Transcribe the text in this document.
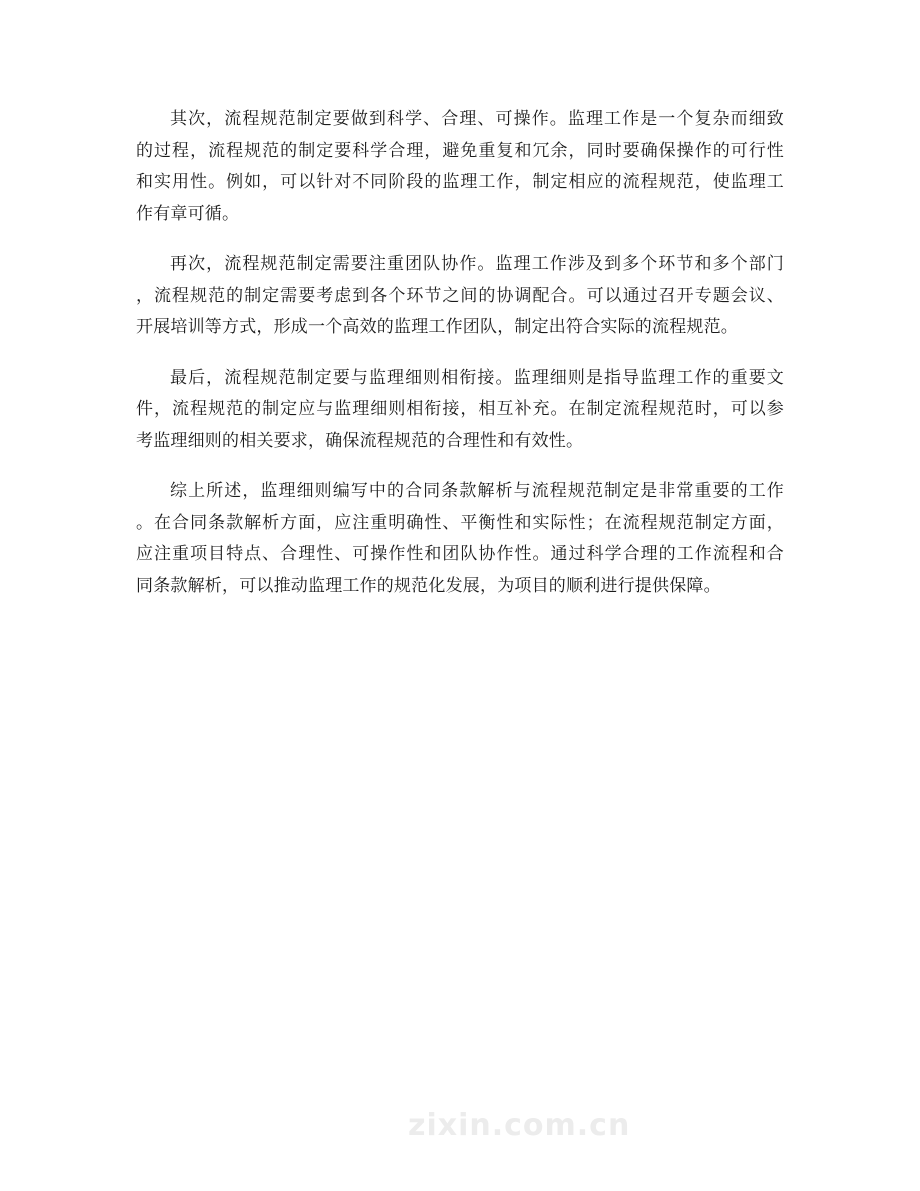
其次，流程规范制定要做到科学、合理、可操作。监理工作是一个复杂而细致
的过程，流程规范的制定要科学合理，避免重复和冗余，同时要确保操作的可行性
和实用性。例如，可以针对不同阶段的监理工作，制定相应的流程规范，使监理工
作有章可循。

再次，流程规范制定需要注重团队协作。监理工作涉及到多个环节和多个部门
，流程规范的制定需要考虑到各个环节之间的协调配合。可以通过召开专题会议、
开展培训等方式，形成一个高效的监理工作团队，制定出符合实际的流程规范。

最后，流程规范制定要与监理细则相衔接。监理细则是指导监理工作的重要文
件，流程规范的制定应与监理细则相衔接，相互补充。在制定流程规范时，可以参
考监理细则的相关要求，确保流程规范的合理性和有效性。

综上所述，监理细则编写中的合同条款解析与流程规范制定是非常重要的工作
。在合同条款解析方面，应注重明确性、平衡性和实际性；在流程规范制定方面，
应注重项目特点、合理性、可操作性和团队协作性。通过科学合理的工作流程和合
同条款解析，可以推动监理工作的规范化发展，为项目的顺利进行提供保障。

zixin.com.cn
